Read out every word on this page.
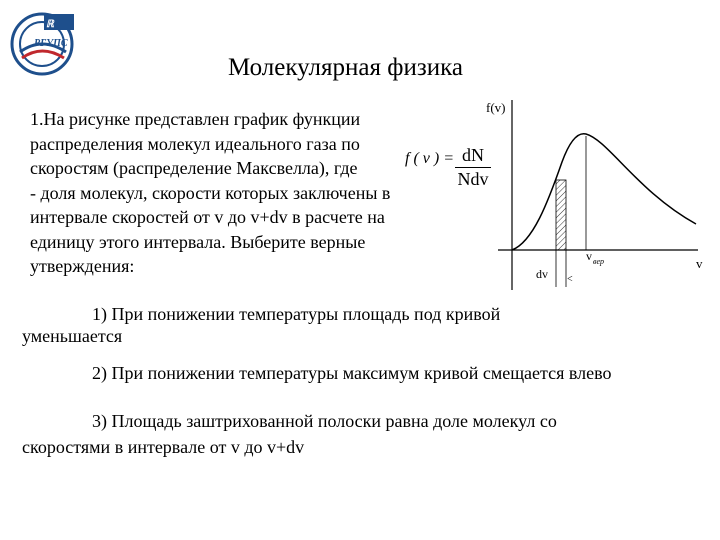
ℝ
РГУПС
Молекулярная физика
1.На рисунке представлен график функции
распределения молекул идеального газа по
скоростям (распределение Максвелла), где
- доля молекул, скорости которых заключены в
интервале скоростей от v до v+dv в расчете на
единицу этого интервала. Выберите верные
утверждения:
f ( v ) = dN
Ndv
f(v)
v
dv <
v вер
1) При понижении температуры площадь под кривой
уменьшается
2) При понижении температуры максимум кривой смещается влево
3) Площадь заштрихованной полоски равна доле молекул со
скоростями в интервале от v до v+dv
